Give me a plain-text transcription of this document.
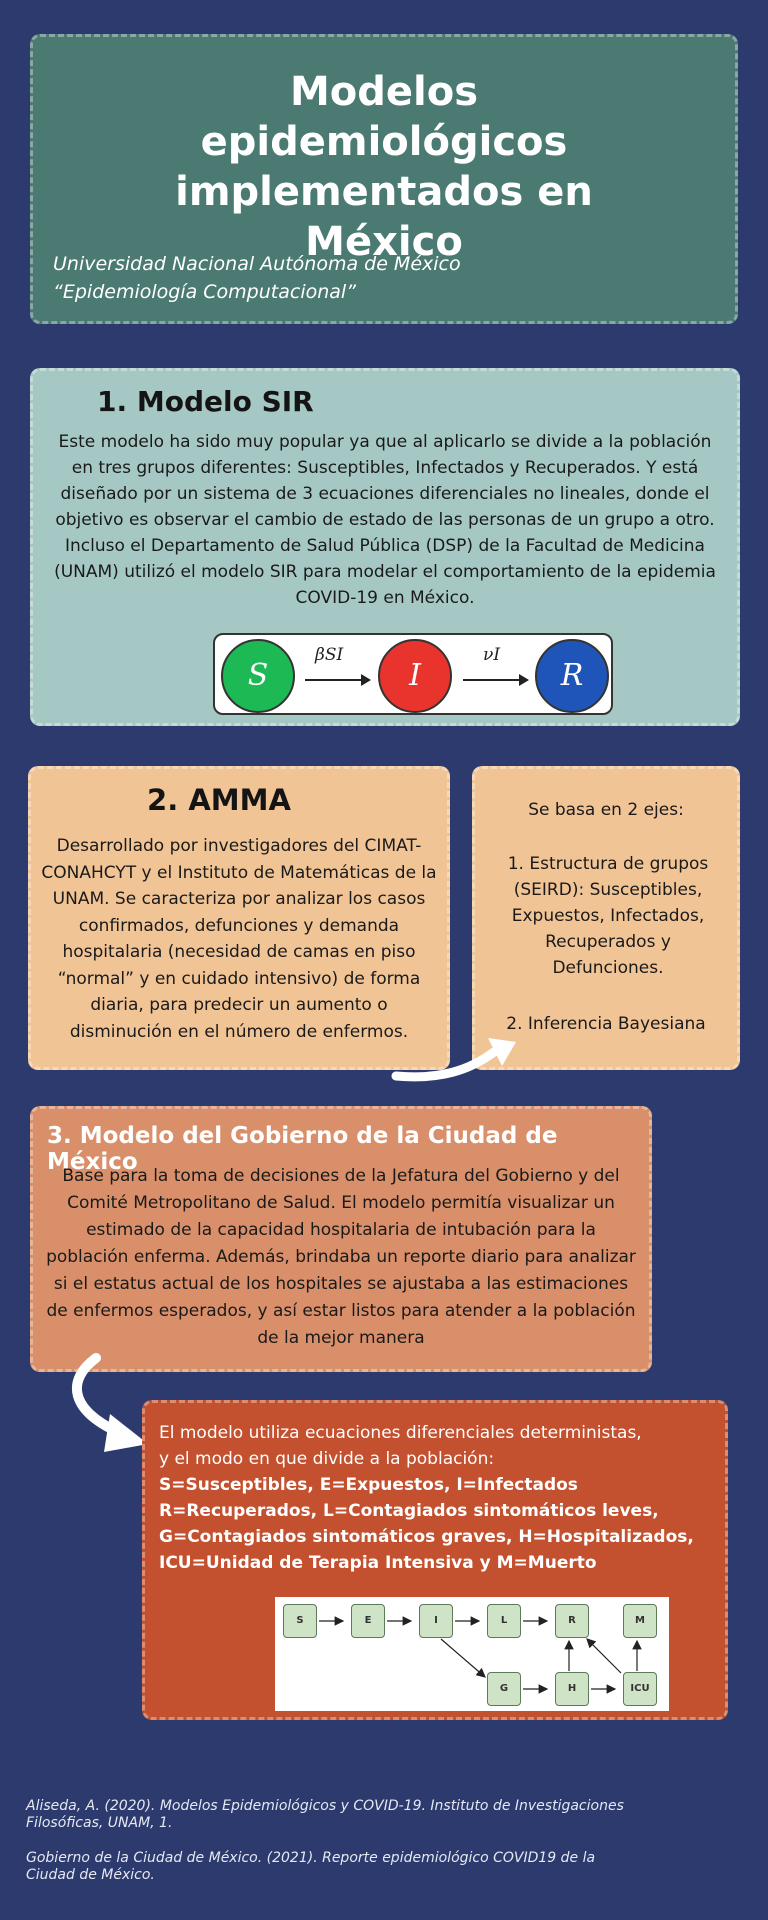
Modelos epidemiológicos implementados en México
Universidad Nacional Autónoma de México
“Epidemiología Computacional”
1. Modelo SIR
Este modelo ha sido muy popular ya que al aplicarlo se divide a la población en tres grupos diferentes: Susceptibles, Infectados y Recuperados. Y está diseñado por un sistema de 3 ecuaciones diferenciales no lineales, donde el objetivo es observar el cambio de estado de las personas de un grupo a otro. Incluso el Departamento de Salud Pública (DSP) de la Facultad de Medicina (UNAM) utilizó el modelo SIR para modelar el comportamiento de la epidemia COVID-19 en México.
S
βSI
I
νI
R
2. AMMA
Desarrollado por investigadores del CIMAT-CONAHCYT y el Instituto de Matemáticas de la UNAM. Se caracteriza por analizar los casos confirmados, defunciones y demanda hospitalaria (necesidad de camas en piso “normal” y en cuidado intensivo) de forma diaria, para predecir un aumento o disminución en el número de enfermos.
Se basa en 2 ejes:
1. Estructura de grupos (SEIRD): Susceptibles, Expuestos, Infectados, Recuperados y Defunciones.
2. Inferencia Bayesiana
3. Modelo del Gobierno de la Ciudad de México
Base para la toma de decisiones de la Jefatura del Gobierno y del Comité Metropolitano de Salud. El modelo permitía visualizar un estimado de la capacidad hospitalaria de intubación para la población enferma. Además, brindaba un reporte diario para analizar si el estatus actual de los hospitales se ajustaba a las estimaciones de enfermos esperados, y así estar listos para atender a la población de la mejor manera
El modelo utiliza ecuaciones diferenciales deterministas,
y el modo en que divide a la población:
S=Susceptibles, E=Expuestos, I=Infectados
R=Recuperados, L=Contagiados sintomáticos leves,
G=Contagiados sintomáticos graves, H=Hospitalizados,
ICU=Unidad de Terapia Intensiva y M=Muerto
S	E	I	L	R	M
G	H	ICU
Aliseda, A. (2020). Modelos Epidemiológicos y COVID-19. Instituto de Investigaciones Filosóficas, UNAM, 1.
Gobierno de la Ciudad de México. (2021). Reporte epidemiológico COVID19 de la Ciudad de México.
